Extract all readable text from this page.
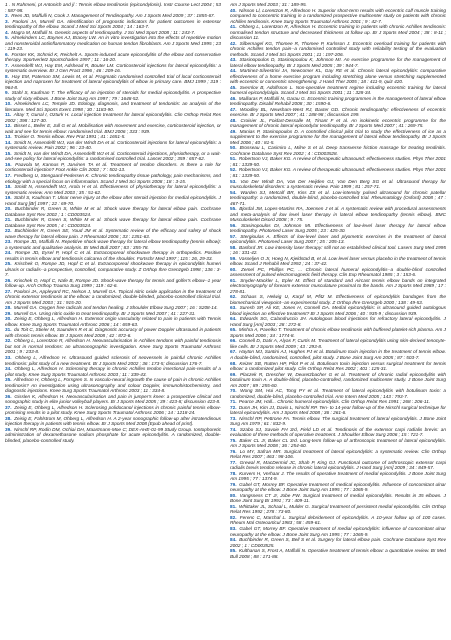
1 . N Rahmeni, pt Antonich and jl : Tennis elbow tendinosis (epicondylosis). Instr Course Lect 2004 ; 53 : 587-98.

2. Rees JD, Maffulli N, Cook J. Management of Tendinopathy. Am J Sports Med 2009 ; 37 : 1855-67.

3. Paoloni JA, Murrell GA. Identification of prognostic indicators for patient outcomes in extensor tendinopathy of the elbow. Scand J Med Sci Sports 2004 ; 14 : 163-7.

4. Magra M, Maffulli N. Genetic aspects of tendinopathy. J Sci Med Sport 2008 ; 11 : 243-7.

5. Almekinders LC, Baynes AJ, Bracey LW. An in vitro investigation into the effects of repetitive motion and nonsteroidal antiinflammatory medication on human tendon fibroblasts. Am J Sports Med 1995 ; 23 : 119-23.

6. Forster KK, Schmid K, Reichelt A. Sports-induced acute epicondylitis of the elbow and conservative therapy. Sportverletz Sportschaden 1997 ; 11 : 16-20.

7. Assendelft WJ, Hay EM, Adshead R, Bouter LM. Corticosteroid injections for lateral epicondylitis: a systematic overview. Br J Gen Pract 1996 ; 46 : 209-16.

8. Hay EM, Paterson SM, Lewis M, et al. Pragmatic randomised controlled trial of local corticosteroid injection and naproxen for treatment of lateral epicondylitis of elbow in primary care. BMJ 1999 ; 319 : 964-8.

9. Stahl S, Kaufman T. The efficacy of an injection of steroids for medial epicondylitis. A prospective study of sixty elbows. J Bone Joint Surg Am 1997 ; 79 : 1648-52.

10. Almekinders LC, Temple JD. Etiology, diagnosis, and treatment of tendonitis: an analysis of the literature. Med Sci Sports Exerc 1998 ; 30 : 1183-90.

11. Altay T, Gunal I, Ozturk H. Local injection treatment for lateral epicondylitis. Clin Orthop Relat Res 2002 ; 398 : 127-30.

12. Bisset L, Beller E, Jull G et al. Mobilisation with movement and exercise, corticosteroid injection, or wait and see for tennis elbow: randomised trial. BMJ 2006 ; 333 : 939.

13. Troisier O. Tennis elbow. Rev Prat 1991 ; 41 : 1651-5.

14. Smidt N, Assendelft WJ, van der Windt DA et al. Corticosteroid injections for lateral epicondylitis: a systematic review. Pain 2002 ; 96 : 23-40.

15. Smidt N, van der Windt DA, Assendelft WJ et al. Corticosteroid injections, physiotherapy, or a wait-and-see policy for lateral epicondylitis: a randomised controlled trial. Lancet 2002 ; 359 : 657-62.

16. Paavola M, Kannus P, Jarvinen TA et al. Treatment of tendon disorders. Is there a role for corticosteroid injection? Foot Ankle Clin 2002 ; 7 : 501-13.

17. Fredberg U, Stengaard-Pedersen K. Chronic tendinopathy tissue pathology, pain mechanisms, and etiology with a special focus on inflammation. Scand J Med Sci Sports 2008 ; 18 : 3-15.

18. Smidt N, Assendelft WJ, Arola H et al. Effectiveness of physiotherapy for lateral epicondylitis: a systematic review. Ann Med 2003 ; 35 : 51-62.

19. Stahl S, Kaufman T. Ulnar nerve injury at the elbow after steroid injection for medial epicondylitis. J Hand Surg [Br] 1997 ; 22 : 69-70.

20. Buchbinder R, Green S, White M et al. Shock wave therapy for lateral elbow pain. Cochrane Database Syst Rev 2002 ; 1 : CD003524.

21. Buchbinder R, Green S, White M et al. Shock wave therapy for lateral elbow pain. Cochrane Database Syst Rev 2005 ; 4 : CD003524.

22. Buchbinder R, Green SE, Youd JM et al. Systematic review of the efficacy and safety of shock wave therapy for lateral elbow pain. J Rheumatol 2006 ; 33 : 1351-63.

23. Rompe JD, Maffulli N. Repetitive shock wave therapy for lateral elbow tendinopathy (tennis elbow): a systematic and qualitative analysis. Br Med Bull 2007 ; 83 : 355-78.

24. Rompe JD, Eysel P, Hopf C et al. Extracorporeal shockwave therapy in orthopedics. Positive results in tennis elbow and tendinosis calcarea of the shoulder. Fortschr Med 1997 ; 115 : 26, 29-33.

25. Krischek O, Rompe JD, Hopf C et al. Extracorporeal shockwave therapy in epicondylitis humeri ulnaris or radialis--a prospective, controlled, comparative study. Z Orthop Ihre Grenzgeb 1998 ; 136 : 3-7.

26. Krischek O, Hopf C, Nafe B, Rompe JD. Shock-wave therapy for tennis and golfer's elbow--1 year follow-up. Arch Orthop Trauma Surg 1999 ; 119 : 62-6.

27. Paoloni JA, Appleyard RC, Nelson J, Murrell GA. Topical nitric oxide application in the treatment of chronic extensor tendinosis at the elbow: a randomized, double-blinded, placebo-controlled clinical trial. Am J Sports Med 2003 ; 31 : 915-20.

28. Murrell GA. Oxygen free radicals and tendon healing. J Shoulder Elbow Surg 2007 ; 16 : S208-14.

29. Murrell GA. Using nitric oxide to treat tendinopathy. Br J Sports Med 2007 ; 41 : 227-31.

30. Zeisig E, Ohberg L, Alfredson H. Extensor origin vascularity related to pain in patients with Tennis elbow. Knee Surg Sports Traumatol Arthrosc 2006 ; 14 : 659-63.

31. du Toit C, Stieler M, Saunders R et al. Diagnostic accuracy of power Doppler ultrasound in patients with chronic tennis elbow. Br J Sports Med 2008 ; 42 : 872-6.

32. Ohberg L, Lorentzon R, Alfredson H. Neovascularisation in Achilles tendons with painful tendinosis but not in normal tendons: an ultrasonographic investigation. Knee Surg Sports Traumatol Arthrosc 2001 ; 9 : 233-8.

33. Ohberg L, Alfredson H. Ultrasound guided sclerosis of neovessels in painful chronic Achilles tendinosis: pilot study of a new treatment. Br J Sports Med 2002 ; 36 : 173-5; discussion 176-7.

34. Ohberg L, Alfredson H. Sclerosing therapy in chronic Achilles tendon insertional pain-results of a pilot study. Knee Surg Sports Traumatol Arthrosc 2003 ; 11 : 339-43.

35. Alfredson H, Ohberg L, Forsgren S. Is vasculo-neural ingrowth the cause of pain in chronic Achilles tendinosis? An investigation using ultrasonography and colour Doppler, immunohistochemistry, and diagnostic injections. Knee Surg Sports Traumatol Arthrosc 2003 ; 11 : 334-8.

36. Gisslen K, Alfredson H. Neovascularisation and pain in jumper's knee: a prospective clinical and sonographic study in elite junior volleyball players. Br J Sports Med 2005 ; 39 : 423-8; discussion 423-8.

37. Zeisig E, Ohberg L, Alfredson H. Sclerosing polidocanol injections in chronic painful tennis elbow-promising results in a pilot study. Knee Surg Sports Traumatol Arthrosc 2006 ; 14 : 1218-24.

38. Zeisig E, Fahlstrom M, Ohberg L, Alfredson H. A 2-year sonographic follow-up after intratendinous injection therapy in patients with tennis elbow. Br J Sports Med 2008 [Epub ahead of print].

39. Nirschl RP, Rodin DM, Ochiai DH, Maartmann-Moe C; DEX-AHE-01-99 Study Group. Iontophoretic administration of dexamethasone sodium phosphate for acute epicondylitis. A randomized, double-blinded, placebo-controlled study.

Am J Sports Med 2003 ; 31 : 189-95.

40. Nilsson Ll, Lorentzon R, Alfredson H. Superior short-term results with eccentric calf muscle training compared to concentric training in a randomized prospective multicenter study on patients with chronic Achilles tendinosis. Knee Surg Sports Traumatol Arthrosc 2001 ; 9 : 42-7.

41. Ohberg L, Lorentzon R, Alfredson H. Eccentric training in patients with chronic Achilles tendinosis: normalised tendon structure and decreased thickness at follow up. Br J Sports Med 2004 ; 38 : 8-11 ; discussion 11.

42. Silbernagel KG, Thomee R, Thomee P, Karlsson J. Eccentric overload training for patients with chronic Achilles tendon pain--a randomised controlled study with reliability testing of the evaluation methods. Scand J Med Sci Sports 2001 ; 11 : 197-206.

43. Stasinopoulos D, Stasinopoulou K, Johnson MI. An exercise programme for the management of lateral elbow tendinopathy. Br J Sports Med 2005 ; 39 : 944-7.

44. Martinez-Silvestrini JA, Newcomer KL, Gay RE et al. Chronic lateral epicondylitis: comparative effectiveness of a home exercise program including stretching alone versus stretching supplemented with eccentric or concentric strengthening. J Hand Ther 2005 ; 18 : 411-9, quiz 420.

45. Svernlov B, Adolfsson L. Non-operative treatment regime including eccentric training for lateral humeral epicondylalgia. Scand J Med Sci Sports 2001 ; 11 : 328-34.

46. Malliaras P, Maffulli N, Garau G. Eccentric training programmes in the management of lateral elbow tendinopathy. Disabil Rehabil 2008 ; 30 : 1590-6.

47. Woodley BL, Newsham-West RJ, Baxter GD. Chronic tendinopathy: effectiveness of eccentric exercise. Br J Sports Med 2007 ; 41 : 188-98 ; discussion 199.

48. Croisier JL, Foidart-Dessalle M, Tinant F et al. An isokinetic eccentric programme for the management of chronic lateral epicondylar tendinopathy. Br J Sports Med 2007 ; 41 : 269-75.

49. Manias P, Stasinopoulos D. A controlled clinical pilot trial to study the effectiveness of ice as a supplement to the exercise programme for the management of lateral elbow tendinopathy. Br J Sports Med 2006 ; 40 : 81-5.

50. Brosseau L, Casimiro L, Milne S et al. Deep transverse friction massage for treating tendinitis. Cochrane Database Syst Rev 2002 ; 4 : CD003528.

51. Robertson VJ, Baker KG. A review of therapeutic ultrasound: effectiveness studies. Phys Ther 2001 ; 81 : 1339-50.

52. Robertson VJ, Baker KG. A review of therapeutic ultrasound: effectiveness studies. Phys Ther 2001 ; 81 : 1339-50.

53. Van Der Windt DA, Van Der Heijden GJ, Van Den Berg SG et al. Ultrasound therapy for musculoskeletal disorders: a systematic review. Pain 1999 ; 81 : 257-71.

54. Warden SJ, Metcalf BR, Kiss ZS et al. Low-intensity pulsed ultrasound for chronic patellar tendinopathy: a randomized, double-blind, placebo-controlled trial. Rheumatology (Oxford) 2008 ; 47 : 467-71.

55. Bjordal JM, Lopes-Martins RA, Joensen J et al. A systematic review with procedural assessments and meta-analysis of low level laser therapy in lateral elbow tendinopathy (tennis elbow). BMC Musculoskelet Disord 2008 ; 9 : 75.

56. Stasinopoulos DI, Johnson MI. Effectiveness of low-level laser therapy for lateral elbow tendinopathy. Photomed Laser Surg 2005 ; 23 : 425-30.

57. Stergioulas A. Effects of low-level laser and plyometric exercises in the treatment of lateral epicondylitis. Photomed Laser Surg 2007 ; 25 : 205-13.

58. Basford JR. Low intensity laser therapy: still not an established clinical tool. Lasers Surg Med 1995 ; 16 : 331-42.

59. Vasseljen O Jr, Hoeg N, Kjeldstad B, et al. Low level laser versus placebo in the treatment of tennis elbow. Scand J Rehabil Med 1992 ; 24 : 37-42.

60. Zemel PC, Phillips PC, ... Chronic lateral humeral epicondylitis--a double-blind controlled assessment of pulsed electromagnetic field therapy. Clin Exp Rheumatol 1985 ; 3 : 153-6.

61. Snyder-Mackler L, Epler M. Effect of standard and Aircast tennis elbow bands on integrated electromyography of forearm extensor musculature proximal to the bands. Am J Sports Med 1989 ; 17 : 278-81.

62. Schaus S, Helwig U, Karpf M, Pfitz M. Effectiveness of epicondylitis bandages from the biomechanical viewpoint--an experimental study. Z Orthop Ihre Grenzgeb 2000 ; 138 : 49-53.

63. Suresh SP, Ali KE, Jones H, Connell DA. Medial epicondylitis: is ultrasound guided autologous blood injection an effective treatment? Br J Sports Med 2006 ; 40 : 935-9 ; discussion 939.

64. Edwards SG, Calandruccio JH. Autologous blood injections for refractory lateral epicondylitis. J Hand Surg [Am] 2003 ; 28 : 272-8.

65. Mishra A, Pavelko T. Treatment of chronic elbow tendinosis with buffered platelet-rich plasma. Am J Sports Med 2006 ; 34 : 1774-8.

66. Connell D, Datir A, Alyas F, Curtis M. Treatment of lateral epicondylitis using skin-derived tenocyte-like cells. Br J Sports Med 2009 ; 43 : 293-8.

67. Hayton MJ, Santini AJ, Hughes PJ et al. Botulinum toxin injection in the treatment of tennis elbow. A double-blind, randomized, controlled, pilot study. J Bone Joint Surg Am 2005 ; 87 : 503-7.

68. Keizer SB, Rutten HP, Pilot P et al. Botulinum toxin injection versus surgical treatment for tennis elbow: a randomized pilot study. Clin Orthop Relat Res 2002 ; 401 : 125-31.

69. Placzek R, Drescher W, Deuretzbacher G et al. Treatment of chronic radial epicondylitis with botulinum toxin A. A double-blind, placebo-controlled, randomized multicenter study. J Bone Joint Surg Am 2007 ; 89 : 255-60.

70. Wong SM, Hui AC, Tong PY et al. Treatment of lateral epicondylitis with botulinum toxin: a randomized, double-blind, placebo-controlled trial. Ann Intern Med 2005 ; 143 : 793-7.

71. Pearce JM, Hall... Chronic humeral epicondylitis. Clin Orthop Relat Res 1991 ; 268 : 206-11.

72. Dunn JH, Kim JJ, Davis L, Nirschl RP. Ten- to 14-year follow-up of the Nirschl surgical technique for lateral epicondylitis. Am J Sports Med 2008 ; 36 : 261-6.

73. Nirschl RP, Pettrone FA. Tennis elbow. The surgical treatment of lateral epicondylitis. J Bone Joint Surg Am 1979 ; 61 : 832-9.

74. Szabo SJ, Savoie FH 3rd, Field LD et al. Tendinosis of the extensor carpi radialis brevis: an evaluation of three methods of operative treatment. J Shoulder Elbow Surg 2006 ; 15 : 721-7.

75. Baker CL Jr, Baker CL 3rd. Long-term follow-up of arthroscopic treatment of lateral epicondylitis. Am J Sports Med 2008 ; 36 : 254-60.

76. Lo MY, Safran MR. Surgical treatment of lateral epicondylitis: a systematic review. Clin Orthop Relat Res 2007 ; 463 : 98-106.

77. Grewal R, MacDermid JC, Shah P, King GJ. Functional outcome of arthroscopic extensor carpi radialis brevis tendon release in chronic lateral epicondylitis. J Hand Surg [Am] 2009 ; 34 : 849-57.

78. Kurvers H, Verhaar J. The results of operative treatment of medial epicondylitis. J Bone Joint Surg Am 1995 ; 77 : 1374-9.

79. Gabel GT, Morrey BF. Operative treatment of medical epicondylitis. Influence of concomitant ulnar neuropathy at the elbow. J Bone Joint Surg Am 1995 ; 77 : 1065-9.

80. Vangsness CT Jr, Jobe FW. Surgical treatment of medial epicondylitis. Results in 35 elbows. J Bone Joint Surg Br 1991 ; 73 : 409-11.

81. Whittaker JL, Schaal L, Mulder G. Surgical treatment of persistent medial epicondylitis. Clin Orthop Relat Res 1992 ; 278 : 73-80.

82. Ferenc C, Marchal L. Surgical debridement of epicondylitis. A 10-year follow up of 100 cases. Rheum Mal Osteoarticul 1983 ; 58 : 459-61.

83. Gabel GT, Morrey BF. Operative treatment of medial epicondylitis: influence of concomitant ulnar neuropathy at the elbow. J Bone Joint Surg Am 1995 ; 77 : 1065-9.

84. Buchbinder R, Green S, Bell S et al. Surgery for lateral elbow pain. Cochrane Database Syst Rev 2002 ; 1 : CD003525.

85. Kulthanan S, Frost A, Maffulli N. Operative treatment of tennis elbow: a quantitative review. Br Med Bull 2008 ; 88 : 171-88.
